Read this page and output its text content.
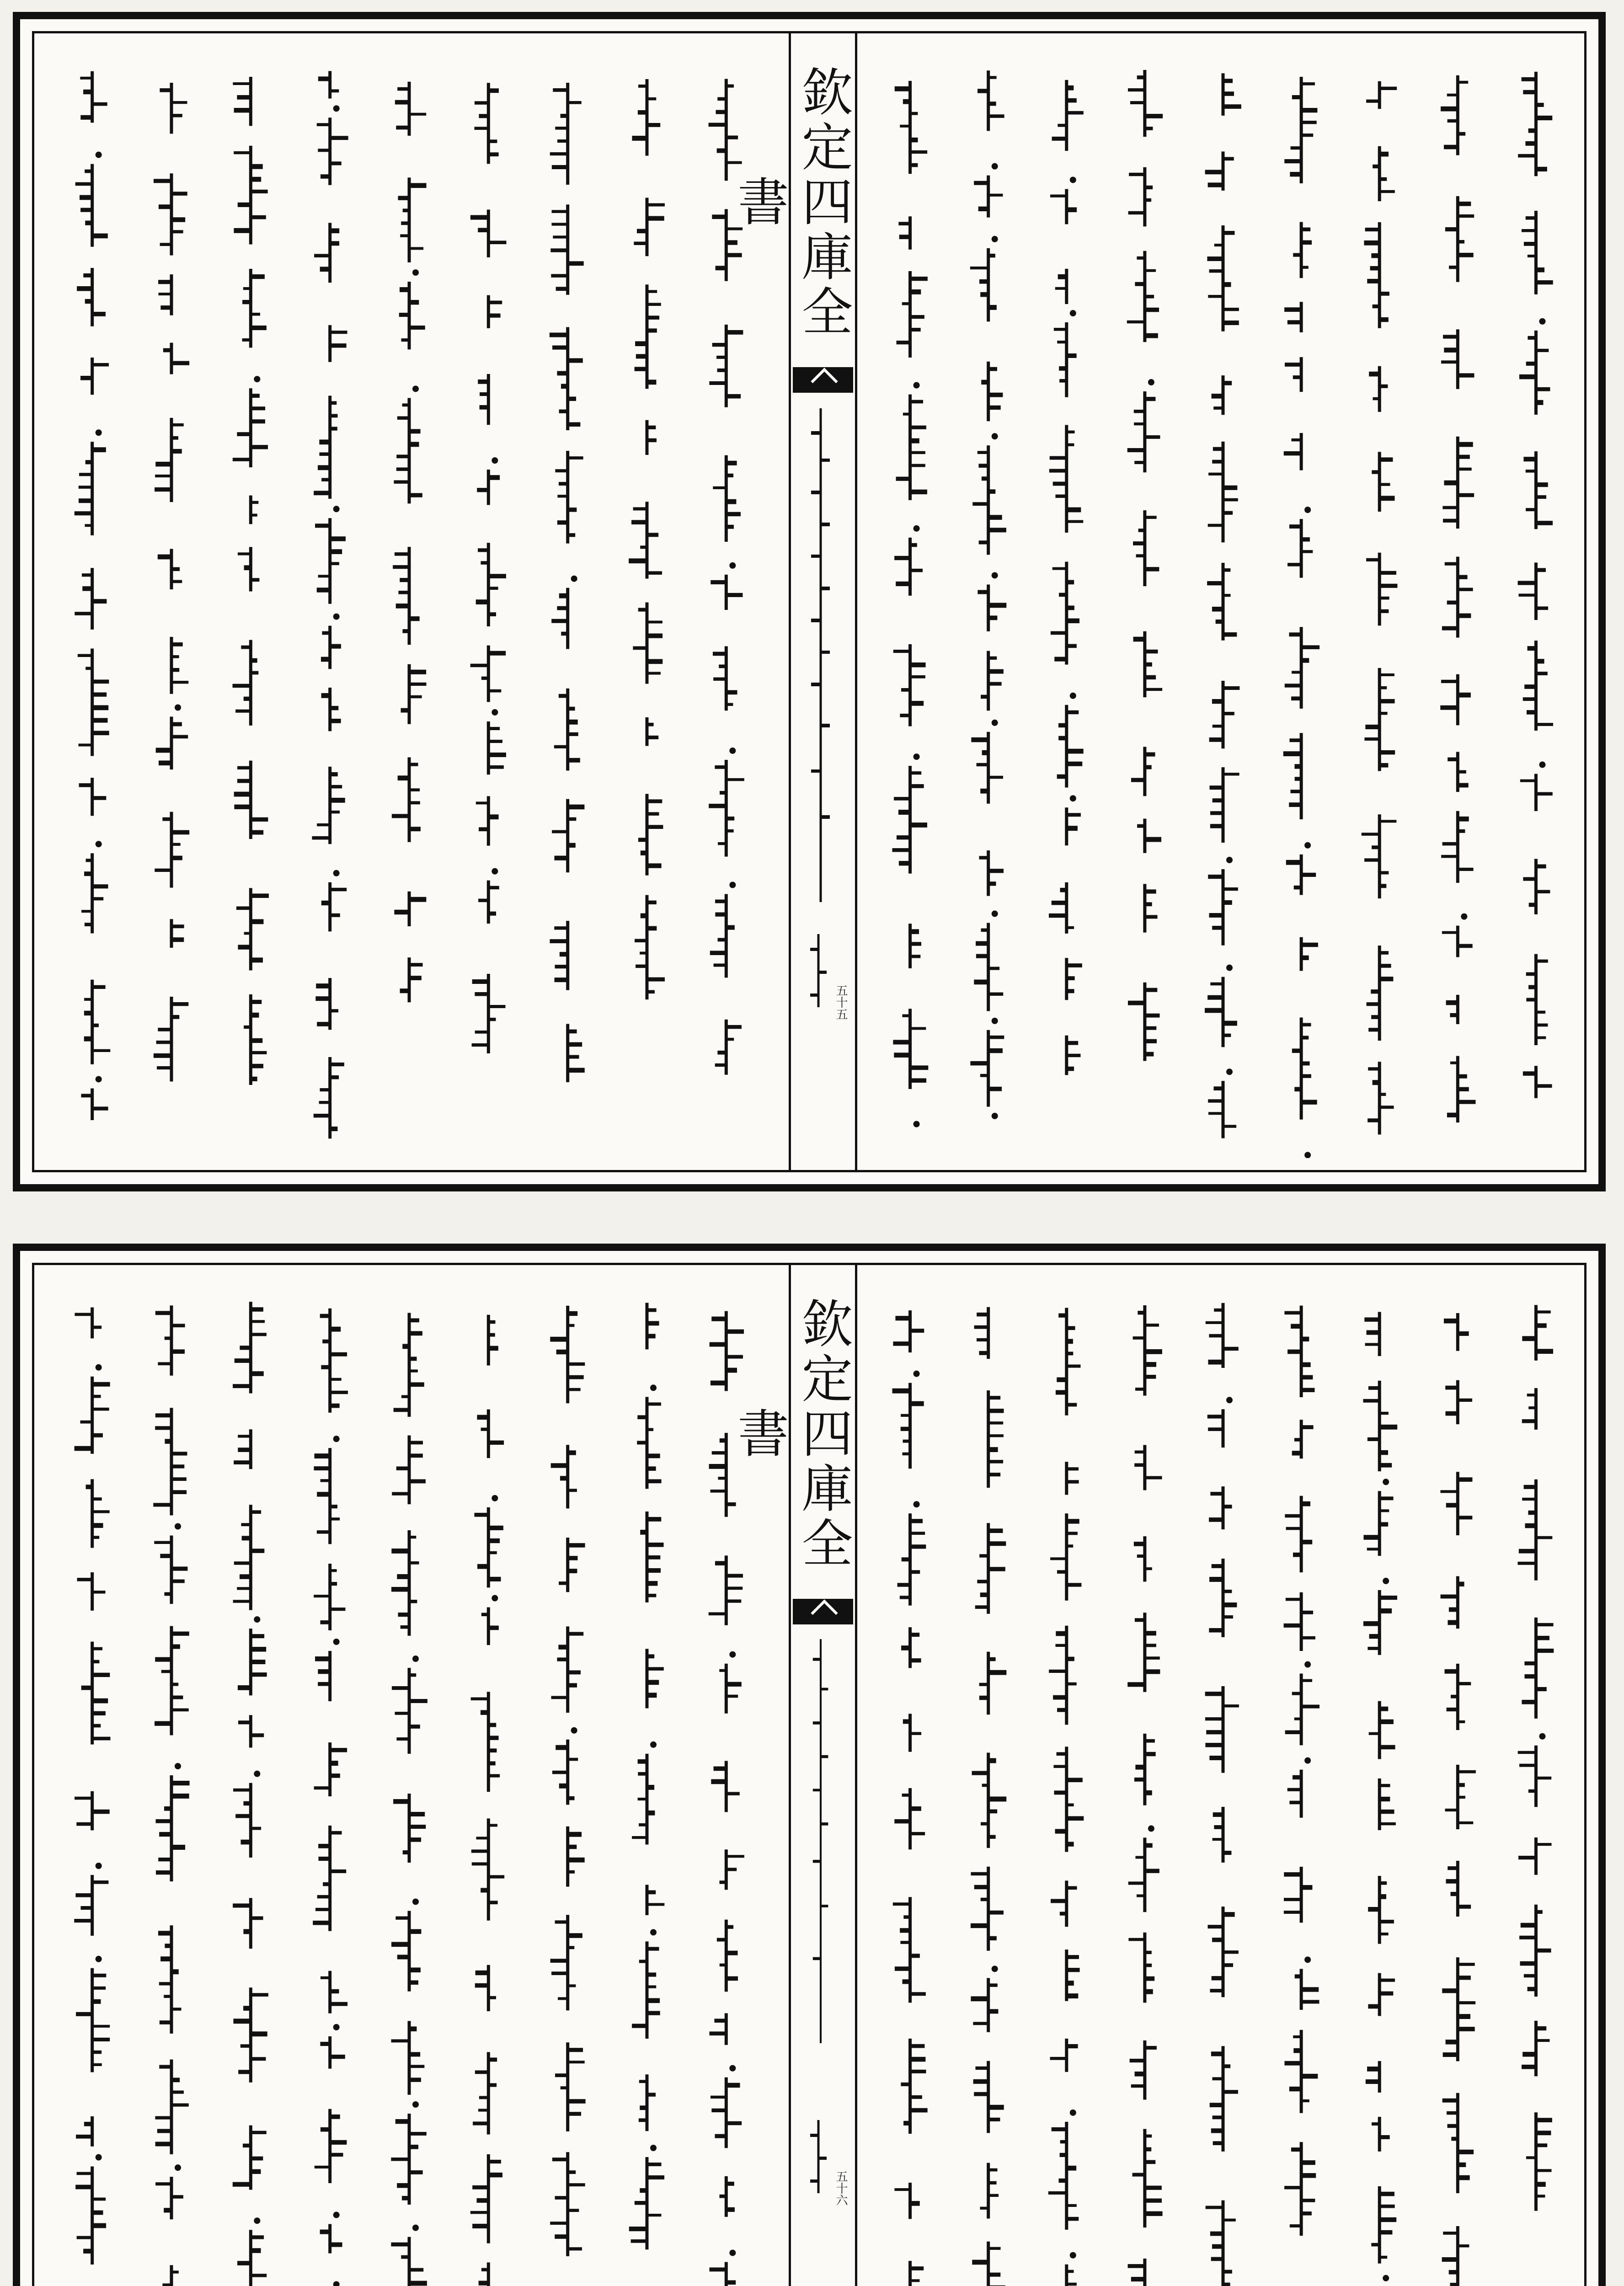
欽定四庫全書
五十五
欽定四庫全書
五十六
